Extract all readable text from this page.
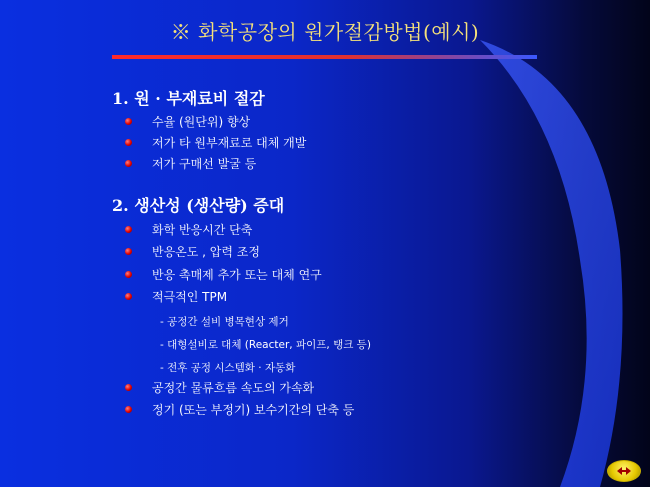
※ 화학공장의 원가절감방법(예시)
1. 원 · 부재료비 절감
수율 (원단위) 향상
저가 타 원부재료로 대체 개발
저가 구매선 발굴 등
2. 생산성 (생산량) 증대
화학 반응시간 단축
반응온도 , 압력 조정
반응 촉매제 추가 또는 대체 연구
적극적인 TPM
- 공정간 설비 병목현상 제거
- 대형설비로 대체 (Reacter, 파이프, 탱크 등)
- 전후 공정 시스템화 · 자동화
공정간 물류흐름 속도의 가속화
정기 (또는 부정기) 보수기간의 단축 등
